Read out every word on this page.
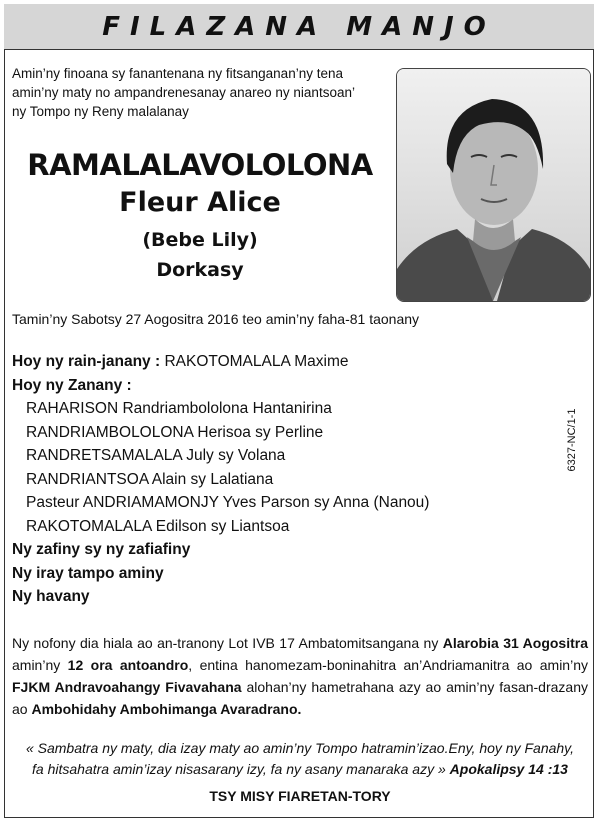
FILAZANA MANJO
Amin’ny finoana sy fanantenana ny fitsanganan’ny tena
amin’ny maty no ampandrenesanay anareo ny niantsoan’
ny Tompo ny Reny malalanay
RAMALALAVOLOLONA
Fleur Alice
(Bebe Lily)
Dorkasy
Tamin’ny Sabotsy 27 Aogositra 2016 teo amin’ny faha-81 taonany
Hoy ny rain-janany : RAKOTOMALALA Maxime
Hoy ny Zanany :
RAHARISON Randriambololona Hantanirina
RANDRIAMBOLOLONA Herisoa sy Perline
RANDRETSAMALALA July sy Volana
RANDRIANTSOA Alain sy Lalatiana
Pasteur ANDRIAMAMONJY Yves Parson sy Anna (Nanou)
RAKOTOMALALA Edilson sy Liantsoa
Ny zafiny sy ny zafiafiny
Ny iray tampo aminy
Ny havany
6327-NC/1-1
Ny nofony dia hiala ao an-tranony Lot IVB 17 Ambatomitsangana ny Alarobia 31 Aogositra amin’ny 12 ora antoandro, entina hanomezam-boninahitra an’Andriamanitra ao amin’ny FJKM Andravoahangy Fivavahana alohan’ny hametrahana azy ao amin’ny fasan-drazany ao Ambohidahy Ambohimanga Avaradrano.
« Sambatra ny maty, dia izay maty ao amin’ny Tompo hatramin’izao.Eny, hoy ny Fanahy,
fa hitsahatra amin’izay nisasarany izy, fa ny asany manaraka azy » Apokalipsy 14 :13
TSY MISY FIARETAN-TORY
